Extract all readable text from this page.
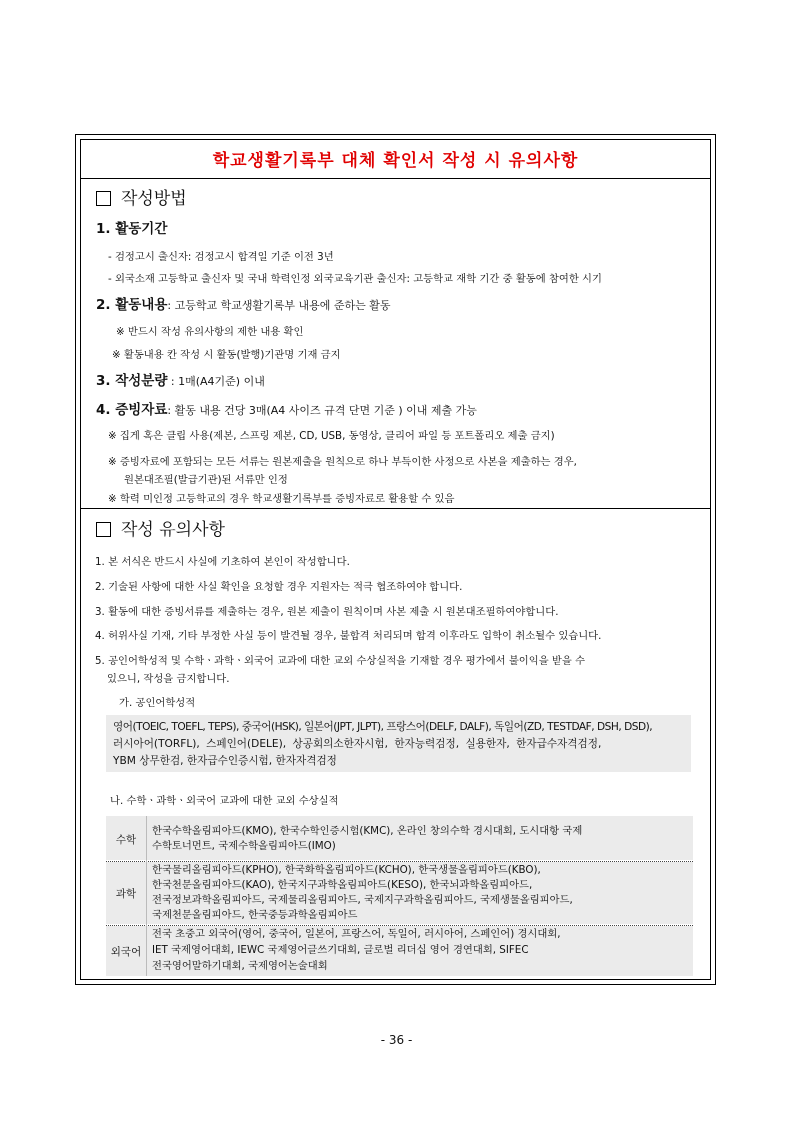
학교생활기록부 대체 확인서 작성 시 유의사항
작성방법
1. 활동기간
- 검정고시 출신자: 검정고시 합격일 기준 이전 3년
- 외국소재 고등학교 출신자 및 국내 학력인정 외국교육기관 출신자: 고등학교 재학 기간 중 활동에 참여한 시기
2. 활동내용: 고등학교 학교생활기록부 내용에 준하는 활동
※ 반드시 작성 유의사항의 제한 내용 확인
※ 활동내용 칸 작성 시 활동(발행)기관명 기재 금지
3. 작성분량 : 1매(A4기준) 이내
4. 증빙자료: 활동 내용 건당 3매(A4 사이즈 규격 단면 기준 ) 이내 제출 가능
※ 집게 혹은 클립 사용(제본, 스프링 제본, CD, USB, 동영상, 클리어 파일 등 포트폴리오 제출 금지)
※ 증빙자료에 포함되는 모든 서류는 원본제출을 원칙으로 하나 부득이한 사정으로 사본을 제출하는 경우,
원본대조필(발급기관)된 서류만 인정
※ 학력 미인정 고등학교의 경우 학교생활기록부를 증빙자료로 활용할 수 있음
작성 유의사항
1. 본 서식은 반드시 사실에 기초하여 본인이 작성합니다.
2. 기술된 사항에 대한 사실 확인을 요청할 경우 지원자는 적극 협조하여야 합니다.
3. 활동에 대한 증빙서류를 제출하는 경우, 원본 제출이 원칙이며 사본 제출 시 원본대조필하여야합니다.
4. 허위사실 기재, 기타 부정한 사실 등이 발견될 경우, 불합격 처리되며 합격 이후라도 입학이 취소될수 있습니다.
5. 공인어학성적 및 수학ㆍ과학ㆍ외국어 교과에 대한 교외 수상실적을 기재할 경우 평가에서 불이익을 받을 수
있으니, 작성을 금지합니다.
가. 공인어학성적
영어(TOEIC, TOEFL, TEPS), 중국어(HSK), 일본어(JPT, JLPT), 프랑스어(DELF, DALF), 독일어(ZD, TESTDAF, DSH, DSD),
러시아어(TORFL), 스페인어(DELE), 상공회의소한자시험, 한자능력검정, 실용한자, 한자급수자격검정,
YBM 상무한검, 한자급수인증시험, 한자자격검정
나. 수학ㆍ과학ㆍ외국어 교과에 대한 교외 수상실적
수학
한국수학올림피아드(KMO), 한국수학인증시험(KMC), 온라인 창의수학 경시대회, 도시대항 국제
수학토너먼트, 국제수학올림피아드(IMO)
과학
한국물리올림피아드(KPHO), 한국화학올림피아드(KCHO), 한국생물올림피아드(KBO),
한국천문올림피아드(KAO), 한국지구과학올림피아드(KESO), 한국뇌과학올림피아드,
전국정보과학올림피아드, 국제물리올림피아드, 국제지구과학올림피아드, 국제생물올림피아드,
국제천문올림피아드, 한국중등과학올림피아드
외국어
전국 초중고 외국어(영어, 중국어, 일본어, 프랑스어, 독일어, 러시아어, 스페인어) 경시대회,
IET 국제영어대회, IEWC 국제영어글쓰기대회, 글로벌 리더십 영어 경연대회, SIFEC
전국영어말하기대회, 국제영어논술대회
- 36 -
